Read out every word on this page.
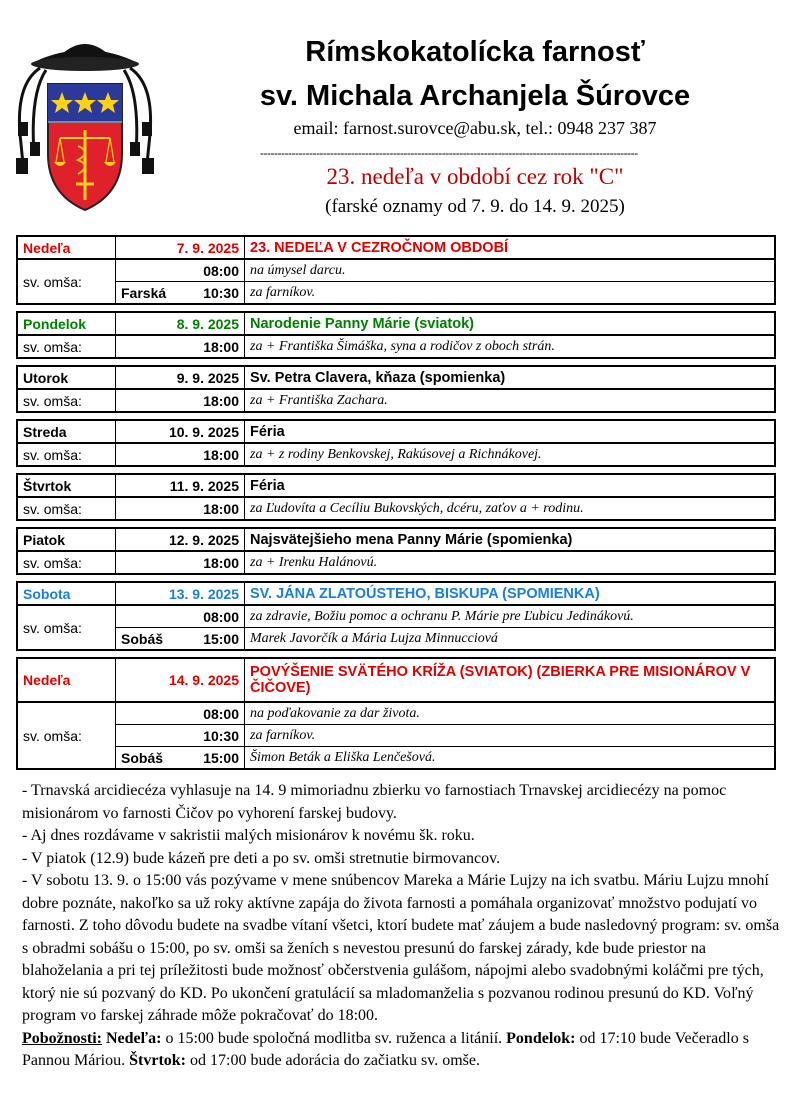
Rímskokatolícka farnosť
sv. Michala Archanjela Šúrovce
email: farnost.surovce@abu.sk, tel.: 0948 237 387
------------------------------------------------------------------------------------------------------------
23. nedeľa v období cez rok "C"
(farské oznamy od 7. 9. do 14. 9. 2025)
Nedeľa	7. 9. 2025	23. NEDEĽA V CEZROČNOM OBDOBÍ
sv. omša:	08:00	na úmysel darcu.

	Farská 10:30	za farníkov.
Pondelok	8. 9. 2025	Narodenie Panny Márie (sviatok)
sv. omša:	18:00	za + Františka Šimáška, syna a rodičov z oboch strán.
Utorok	9. 9. 2025	Sv. Petra Clavera, kňaza (spomienka)
sv. omša:	18:00	za + Františka Zachara.
Streda	10. 9. 2025	Féria
sv. omša:	18:00	za + z rodiny Benkovskej, Rakúsovej a Richnákovej.
Štvrtok	11. 9. 2025	Féria
sv. omša:	18:00	za Ľudovíta a Cecíliu Bukovských, dcéru, zaťov a + rodinu.
Piatok	12. 9. 2025	Najsvätejšieho mena Panny Márie (spomienka)
sv. omša:	18:00	za + Irenku Halánovú.
Sobota	13. 9. 2025	SV. JÁNA ZLATOÚSTEHO, BISKUPA (SPOMIENKA)
sv. omša:	08:00	za zdravie, Božiu pomoc a ochranu P. Márie pre Ľubicu Jedinákovú.

	Sobáš 15:00	Marek Javorčík a Mária Lujza Minnucciová
Nedeľa	14. 9. 2025	POVÝŠENIE SVÄTÉHO KRÍŽA (SVIATOK) (ZBIERKA PRE MISIONÁROV V ČIČOVE)
sv. omša:	08:00	na poďakovanie za dar života.

	10:30	za farníkov.

	Sobáš 15:00	Šimon Beták a Eliška Lenčešová.

- Trnavská arcidiecéza vyhlasuje na 14. 9 mimoriadnu zbierku vo farnostiach Trnavskej arcidiecézy na pomoc misionárom vo farnosti Čičov po vyhorení farskej budovy.

- Aj dnes rozdávame v sakristii malých misionárov k novému šk. roku.

- V piatok (12.9) bude kázeň pre deti a po sv. omši stretnutie birmovancov.

- V sobotu 13. 9. o 15:00 vás pozývame v mene snúbencov Mareka a Márie Lujzy na ich svatbu. Máriu Lujzu mnohí dobre poznáte, nakoľko sa už roky aktívne zapája do života farnosti a pomáhala organizovať množstvo podujatí vo farnosti. Z toho dôvodu budete na svadbe vítaní všetci, ktorí budete mať záujem a bude nasledovný program: sv. omša s obradmi sobášu o 15:00, po sv. omši sa ženích s nevestou presunú do farskej zárady, kde bude priestor na blahoželania a pri tej príležitosti bude možnosť občerstvenia gulášom, nápojmi alebo svadobnými koláčmi pre tých, ktorý nie sú pozvaný do KD. Po ukončení gratulácií sa mladomanželia s pozvanou rodinou presunú do KD. Voľný program vo farskej záhrade môže pokračovať do 18:00.

Pobožnosti: Nedeľa: o 15:00 bude spoločná modlitba sv. ruženca a litánií. Pondelok: od 17:10 bude Večeradlo s Pannou Máriou. Štvrtok: od 17:00 bude adorácia do začiatku sv. omše.
